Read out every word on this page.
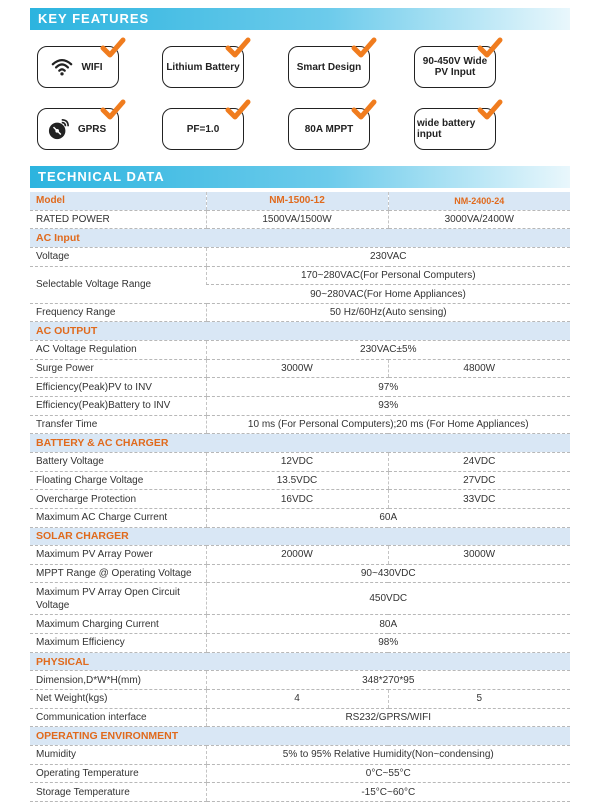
KEY FEATURES
WIFI	Lithium Battery	Smart Design	90-450V Wide PV Input
GPRS	PF=1.0	80A MPPT	wide battery input
TECHNICAL DATA
Model	NM-1500-12	NM-2400-24
RATED POWER	1500VA/1500W	3000VA/2400W
AC Input		
Voltage	230VAC	
Selectable Voltage Range	170~280VAC(For Personal Computers)	
	90~280VAC(For Home Appliances)	
Frequency Range	50 Hz/60Hz(Auto sensing)	
AC OUTPUT		
AC Voltage Regulation	230VAC±5%	
Surge Power	3000W	4800W
Efficiency(Peak)PV to INV	97%	
Efficiency(Peak)Battery to INV	93%	
Transfer Time	10 ms (For Personal Computers);20 ms (For Home Appliances)	
BATTERY & AC CHARGER		
Battery Voltage	12VDC	24VDC
Floating Charge Voltage	13.5VDC	27VDC
Overcharge Protection	16VDC	33VDC
Maximum AC Charge Current	60A	
SOLAR CHARGER		
Maximum PV Array Power	2000W	3000W
MPPT Range @ Operating Voltage	90~430VDC	
Maximum PV Array Open Circuit Voltage	450VDC	
Maximum Charging Current	80A	
Maximum Efficiency	98%	
PHYSICAL		
Dimension,D*W*H(mm)	348*270*95	
Net Weight(kgs)	4	5
Communication interface	RS232/GPRS/WIFI	
OPERATING ENVIRONMENT		
Mumidity	5% to 95% Relative Humidity(Non~condensing)	
Operating Temperature	0°C~55°C	
Storage Temperature	-15°C~60°C	
